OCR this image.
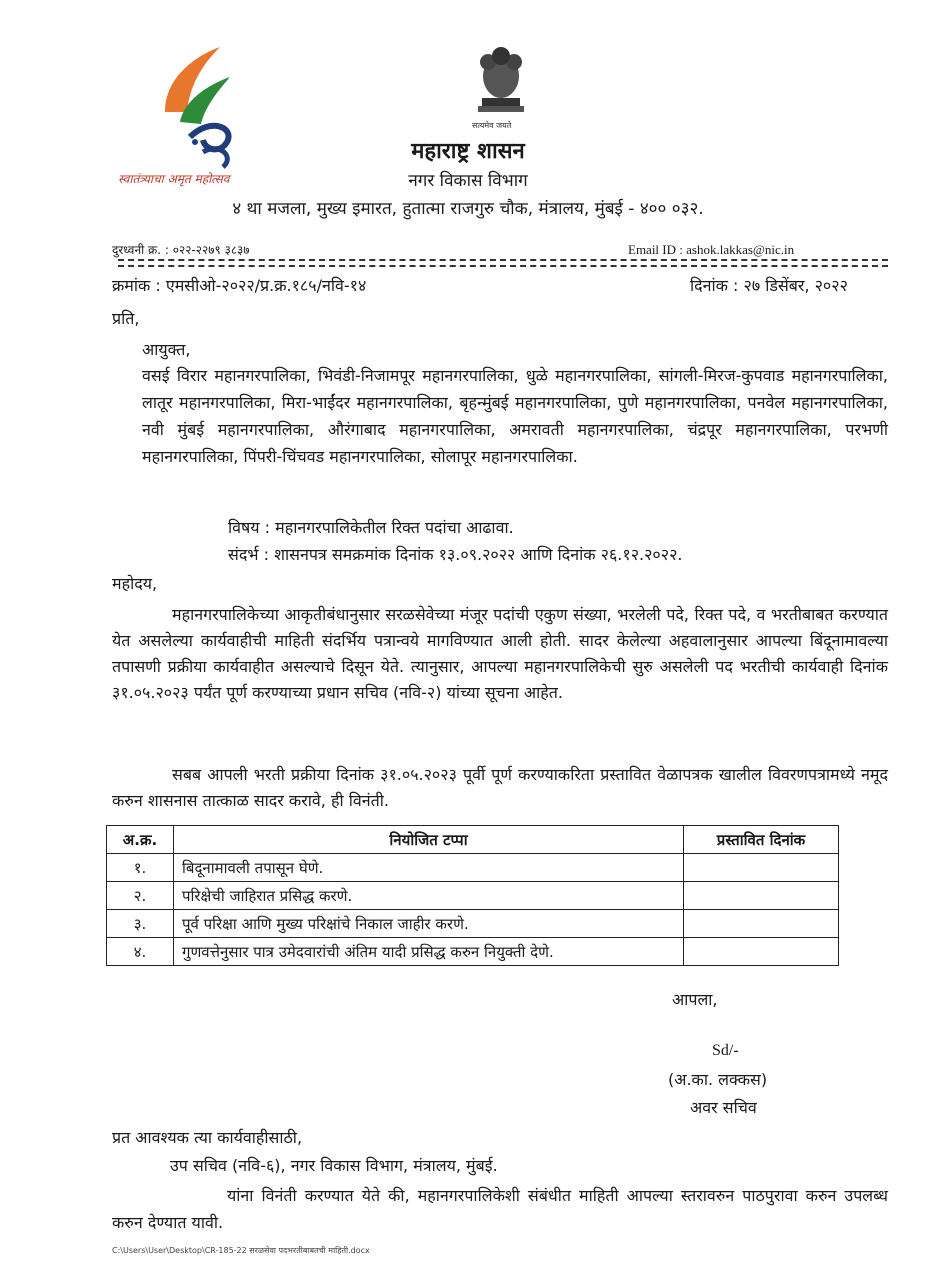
स्वातंत्र्याचा अमृत महोत्सव
सत्यमेव जयते
महाराष्ट्र शासन
नगर विकास विभाग
४ था मजला, मुख्य इमारत, हुतात्मा राजगुरु चौक, मंत्रालय, मुंबई - ४०० ०३२.
दुरध्वनी क्र. : ०२२-२२७९ ३८३७	Email ID : ashok.lakkas@nic.in
क्रमांक : एमसीओ-२०२२/प्र.क्र.१८५/नवि-१४	दिनांक : २७ डिसेंबर, २०२२
प्रति,
आयुक्त,
वसई विरार महानगरपालिका, भिवंडी-निजामपूर महानगरपालिका, धुळे महानगरपालिका, सांगली-मिरज-कुपवाड महानगरपालिका, लातूर महानगरपालिका, मिरा-भाईंदर महानगरपालिका, बृहन्मुंबई महानगरपालिका, पुणे महानगरपालिका, पनवेल महानगरपालिका, नवी मुंबई महानगरपालिका, औरंगाबाद महानगरपालिका, अमरावती महानगरपालिका, चंद्रपूर महानगरपालिका, परभणी महानगरपालिका, पिंपरी-चिंचवड महानगरपालिका, सोलापूर महानगरपालिका.
विषय : महानगरपालिकेतील रिक्त पदांचा आढावा.
संदर्भ : शासनपत्र समक्रमांक दिनांक १३.०९.२०२२ आणि दिनांक २६.१२.२०२२.
महोदय,
महानगरपालिकेच्या आकृतीबंधानुसार सरळसेवेच्या मंजूर पदांची एकुण संख्या, भरलेली पदे, रिक्त पदे, व भरतीबाबत करण्यात येत असलेल्या कार्यवाहीची माहिती संदर्भिय पत्रान्वये मागविण्यात आली होती. सादर केलेल्या अहवालानुसार आपल्या बिंदूनामावल्या तपासणी प्रक्रीया कार्यवाहीत असल्याचे दिसून येते. त्यानुसार, आपल्या महानगरपालिकेची सुरु असलेली पद भरतीची कार्यवाही दिनांक ३१.०५.२०२३ पर्यंत पूर्ण करण्याच्या प्रधान सचिव (नवि-२) यांच्या सूचना आहेत.
सबब आपली भरती प्रक्रीया दिनांक ३१.०५.२०२३ पूर्वी पूर्ण करण्याकरिता प्रस्तावित वेळापत्रक खालील विवरणपत्रामध्ये नमूद करुन शासनास तात्काळ सादर करावे, ही विनंती.
अ.क्र.	नियोजित टप्पा	प्रस्तावित दिनांक
१.	बिदूनामावली तपासून घेणे.	
२.	परिक्षेची जाहिरात प्रसिद्ध करणे.	
३.	पूर्व परिक्षा आणि मुख्य परिक्षांचे निकाल जाहीर करणे.	
४.	गुणवत्तेनुसार पात्र उमेदवारांची अंतिम यादी प्रसिद्ध करुन नियुक्ती देणे.	
आपला,
Sd/-
(अ.का. लक्कस)
अवर सचिव
प्रत आवश्यक त्या कार्यवाहीसाठी,
उप सचिव (नवि-६), नगर विकास विभाग, मंत्रालय, मुंबई.
यांना विनंती करण्यात येते की, महानगरपालिकेशी संबंधीत माहिती आपल्या स्तरावरुन पाठपुरावा करुन उपलब्ध करुन देण्यात यावी.
C:\Users\User\Desktop\CR-185-22 सरळसेवा पदभरतीबाबतची माहिती.docx
